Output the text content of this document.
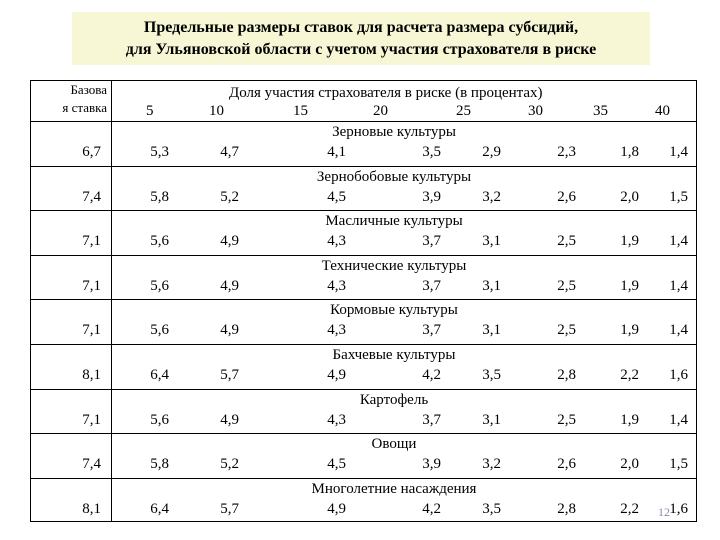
Предельные размеры ставок для расчета размера субсидий,
для Ульяновской области с учетом участия страхователя в риске
Базова
я ставка
Доля участия страхователя в риске (в процентах)
5	10	15	20	25	30	35	40
Зерновые культуры
6,7	5,3	4,7	4,1	3,5	2,9	2,3	1,8	1,4
Зернобобовые культуры
7,4	5,8	5,2	4,5	3,9	3,2	2,6	2,0	1,5
Масличные культуры
7,1	5,6	4,9	4,3	3,7	3,1	2,5	1,9	1,4
Технические культуры
7,1	5,6	4,9	4,3	3,7	3,1	2,5	1,9	1,4
Кормовые культуры
7,1	5,6	4,9	4,3	3,7	3,1	2,5	1,9	1,4
Бахчевые культуры
8,1	6,4	5,7	4,9	4,2	3,5	2,8	2,2	1,6
Картофель
7,1	5,6	4,9	4,3	3,7	3,1	2,5	1,9	1,4
Овощи
7,4	5,8	5,2	4,5	3,9	3,2	2,6	2,0	1,5
Многолетние насаждения
8,1	6,4	5,7	4,9	4,2	3,5	2,8	2,2	1,6
12
